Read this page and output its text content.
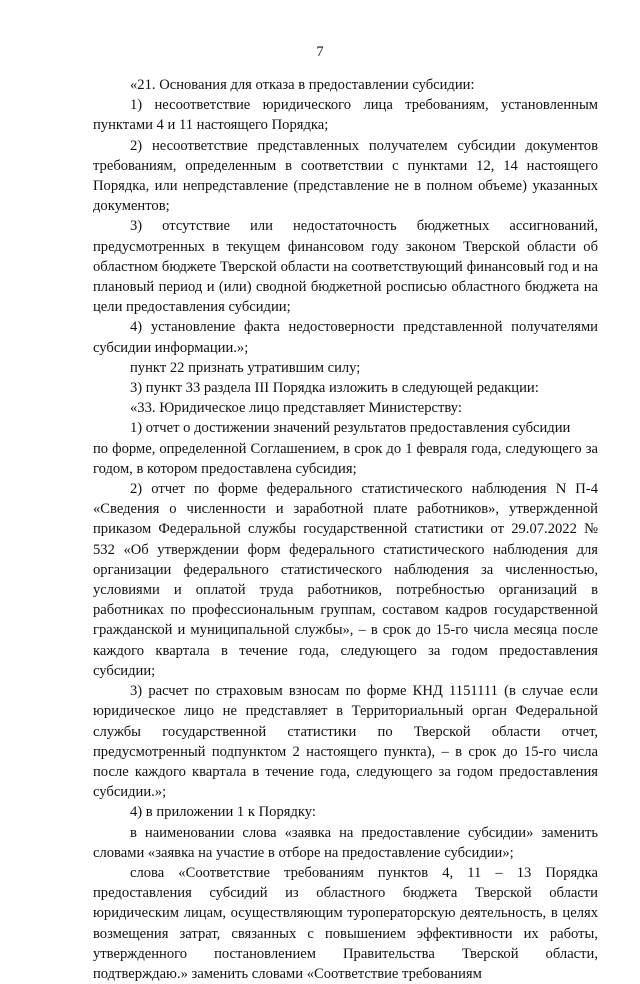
7
«21. Основания для отказа в предоставлении субсидии:
1) несоответствие юридического лица требованиям, установленным пунктами 4 и 11 настоящего Порядка;
2) несоответствие представленных получателем субсидии документов требованиям, определенным в соответствии с пунктами 12, 14 настоящего Порядка, или непредставление (представление не в полном объеме) указанных документов;
3) отсутствие или недостаточность бюджетных ассигнований, предусмотренных в текущем финансовом году законом Тверской области об областном бюджете Тверской области на соответствующий финансовый год и на плановый период и (или) сводной бюджетной росписью областного бюджета на цели предоставления субсидии;
4) установление факта недостоверности представленной получателями субсидии информации.»;
пункт 22 признать утратившим силу;
3) пункт 33 раздела III Порядка изложить в следующей редакции:
«33. Юридическое лицо представляет Министерству:
1) отчет о достижении значений результатов предоставления субсидии
по форме, определенной Соглашением, в срок до 1 февраля года, следующего за годом, в котором предоставлена субсидия;
2) отчет по форме федерального статистического наблюдения N П-4 «Сведения о численности и заработной плате работников», утвержденной приказом Федеральной службы государственной статистики от 29.07.2022 № 532 «Об утверждении форм федерального статистического наблюдения для организации федерального статистического наблюдения за численностью, условиями и оплатой труда работников, потребностью организаций в работниках по профессиональным группам, составом кадров государственной гражданской и муниципальной службы», – в срок до 15-го числа месяца после каждого квартала в течение года, следующего за годом предоставления субсидии;
3) расчет по страховым взносам по форме КНД 1151111 (в случае если юридическое лицо не представляет в Территориальный орган Федеральной службы государственной статистики по Тверской области отчет, предусмотренный подпунктом 2 настоящего пункта), – в срок до 15-го числа после каждого квартала в течение года, следующего за годом предоставления субсидии.»;
4) в приложении 1 к Порядку:
в наименовании слова «заявка на предоставление субсидии» заменить словами «заявка на участие в отборе на предоставление субсидии»;
слова «Соответствие требованиям пунктов 4, 11 – 13 Порядка предоставления субсидий из областного бюджета Тверской области юридическим лицам, осуществляющим туроператорскую деятельность, в целях возмещения затрат, связанных с повышением эффективности их работы, утвержденного постановлением Правительства Тверской области, подтверждаю.» заменить словами «Соответствие требованиям
